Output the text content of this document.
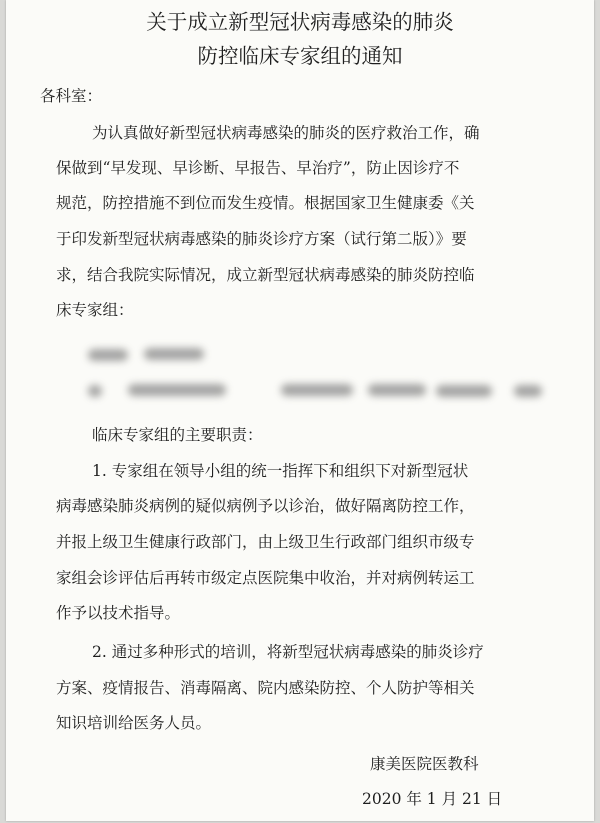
关于成立新型冠状病毒感染的肺炎
防控临床专家组的通知
各科室：
为认真做好新型冠状病毒感染的肺炎的医疗救治工作，确
保做到“早发现、早诊断、早报告、早治疗”，防止因诊疗不
规范，防控措施不到位而发生疫情。根据国家卫生健康委《关
于印发新型冠状病毒感染的肺炎诊疗方案（试行第二版）》要
求，结合我院实际情况，成立新型冠状病毒感染的肺炎防控临
床专家组：
临床专家组的主要职责：
1. 专家组在领导小组的统一指挥下和组织下对新型冠状
病毒感染肺炎病例的疑似病例予以诊治，做好隔离防控工作，
并报上级卫生健康行政部门，由上级卫生行政部门组织市级专
家组会诊评估后再转市级定点医院集中收治，并对病例转运工
作予以技术指导。
2. 通过多种形式的培训，将新型冠状病毒感染的肺炎诊疗
方案、疫情报告、消毒隔离、院内感染防控、个人防护等相关
知识培训给医务人员。
康美医院医教科
2020 年 1 月 21 日
